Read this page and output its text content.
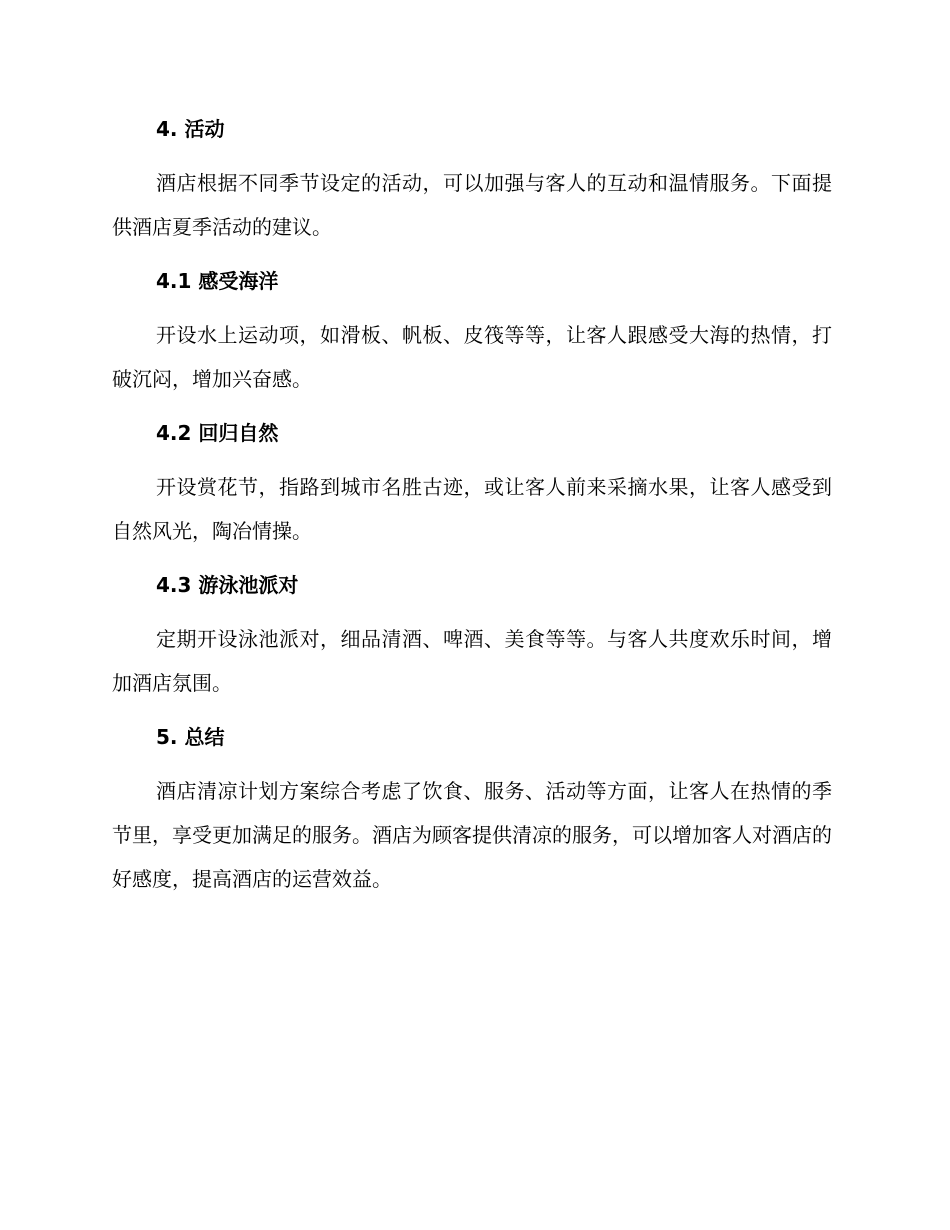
4. 活动

酒店根据不同季节设定的活动，可以加强与客人的互动和温情服务。下面提供酒店夏季活动的建议。

4.1 感受海洋

开设水上运动项，如滑板、帆板、皮筏等等，让客人跟感受大海的热情，打破沉闷，增加兴奋感。

4.2 回归自然

开设赏花节，指路到城市名胜古迹，或让客人前来采摘水果，让客人感受到自然风光，陶冶情操。

4.3 游泳池派对

定期开设泳池派对，细品清酒、啤酒、美食等等。与客人共度欢乐时间，增加酒店氛围。

5. 总结

酒店清凉计划方案综合考虑了饮食、服务、活动等方面，让客人在热情的季节里，享受更加满足的服务。酒店为顾客提供清凉的服务，可以增加客人对酒店的好感度，提高酒店的运营效益。
